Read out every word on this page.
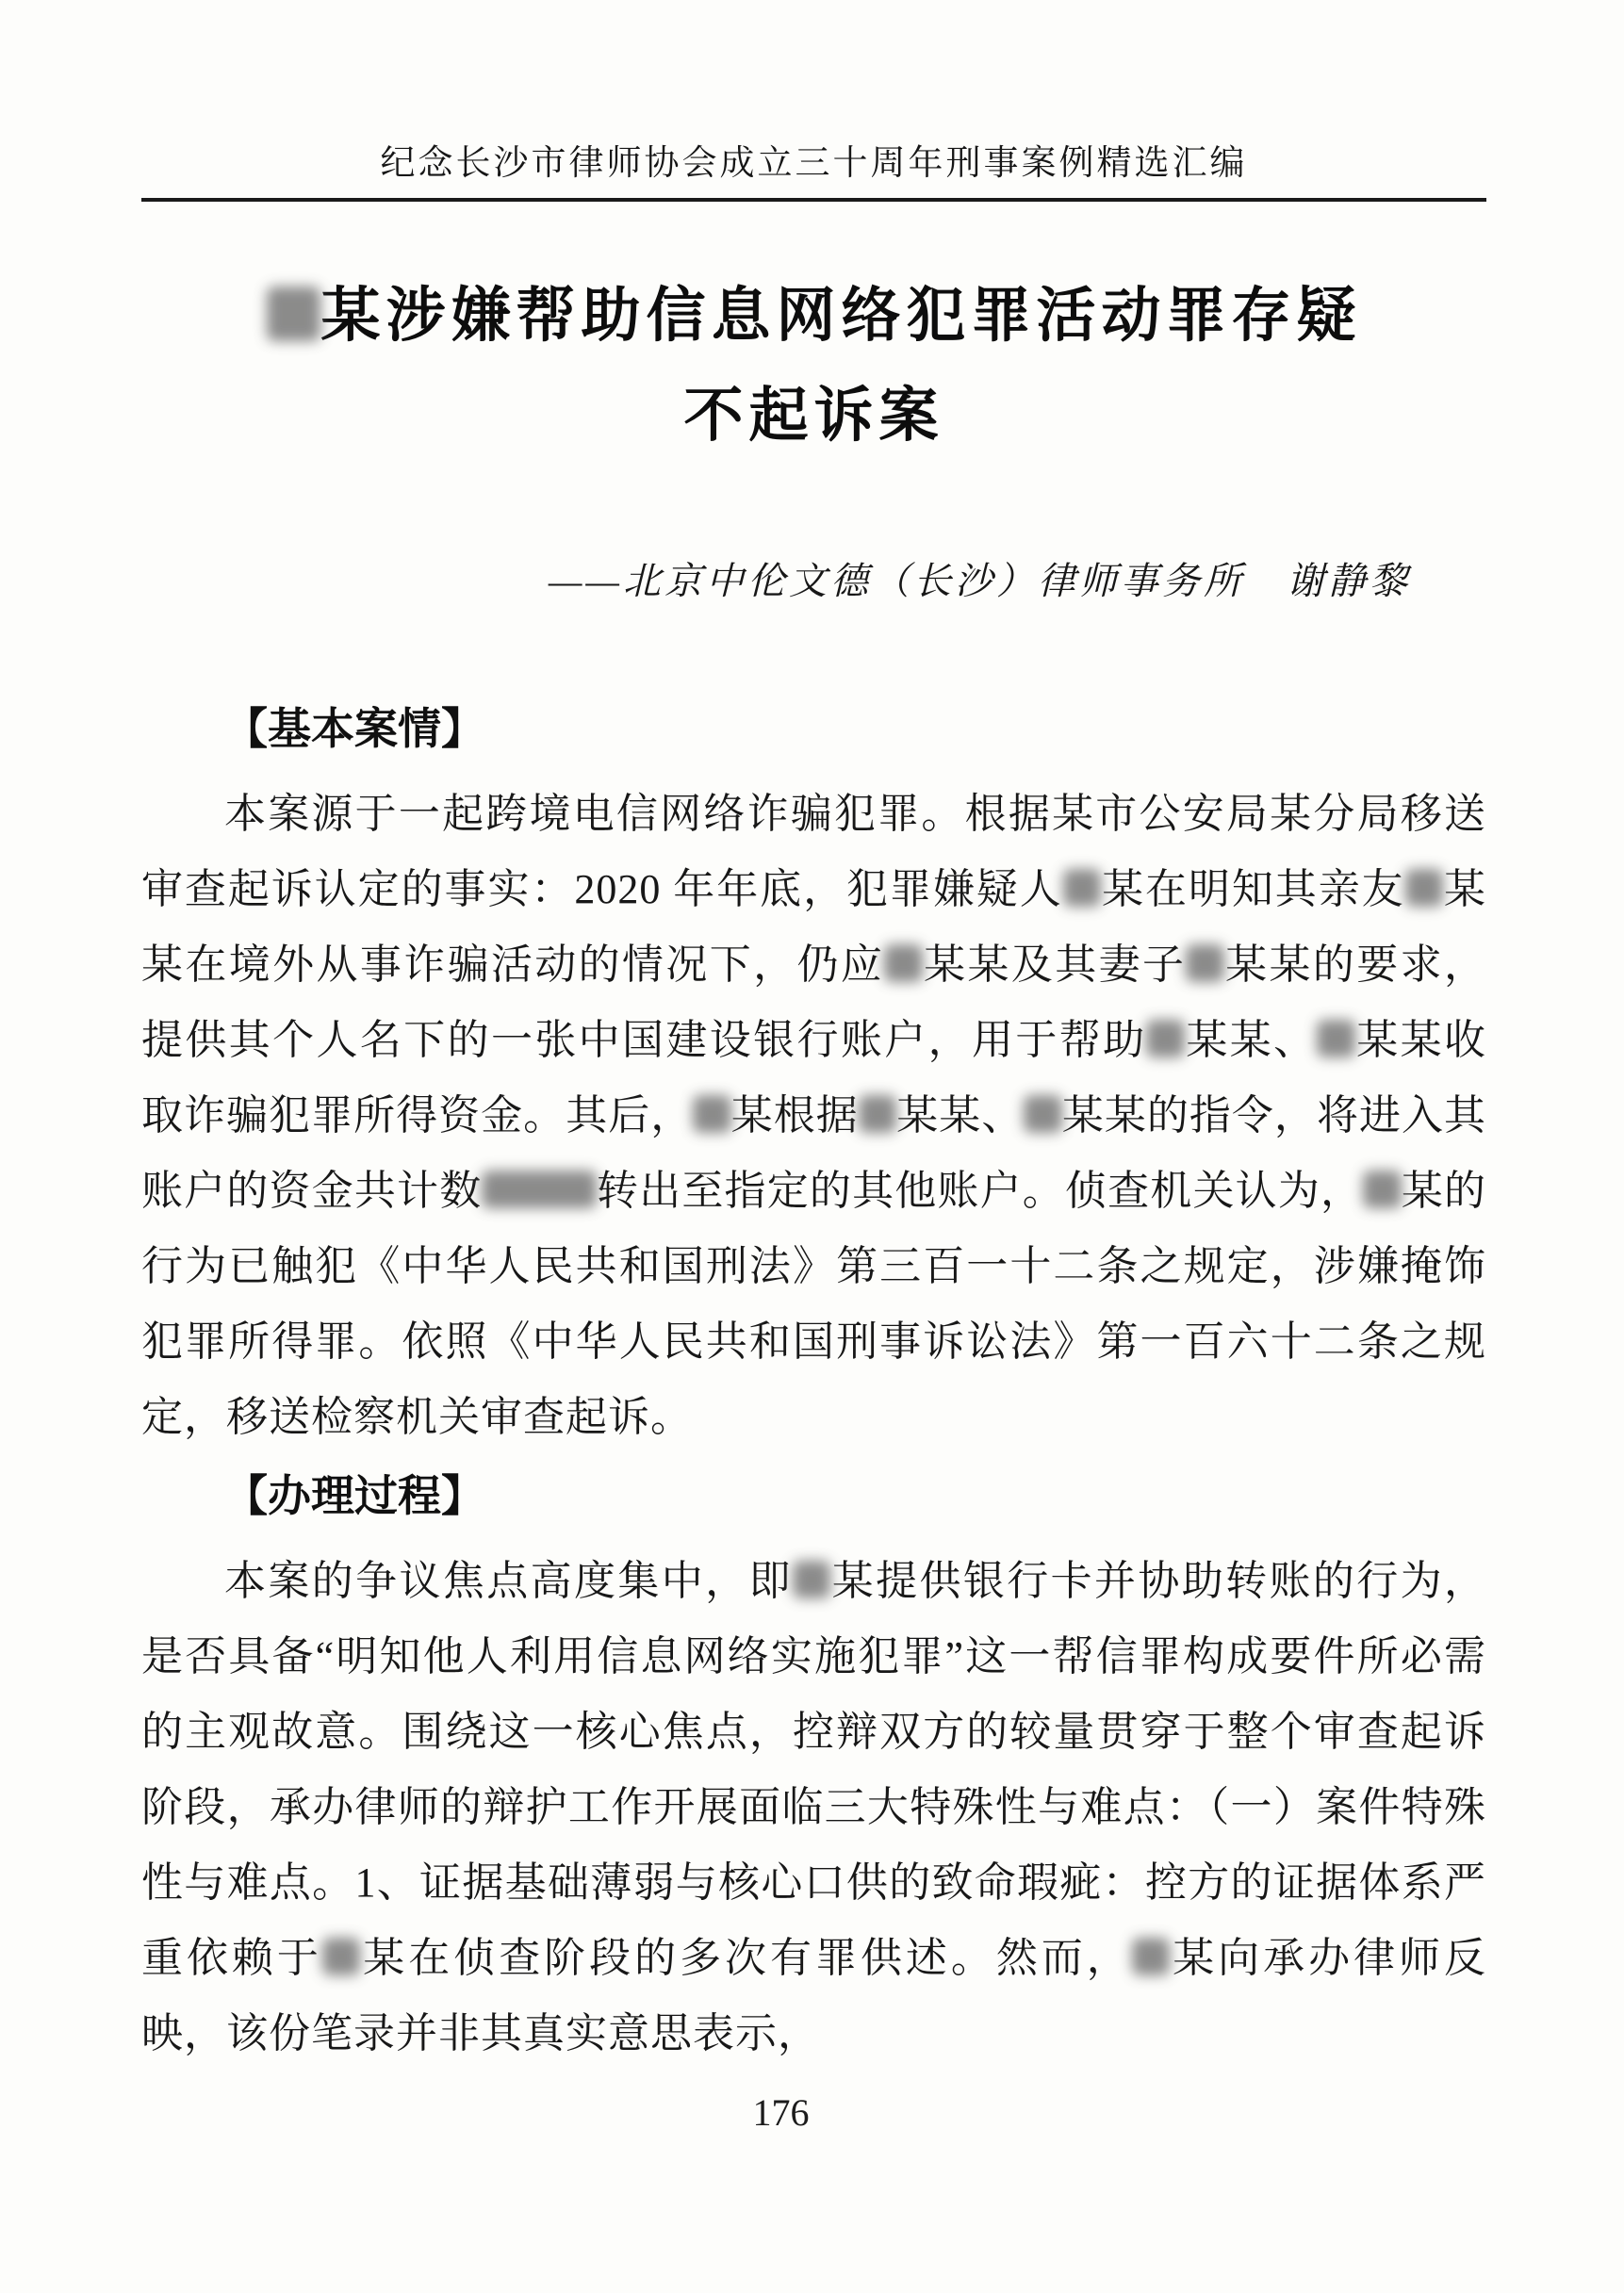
纪念长沙市律师协会成立三十周年刑事案例精选汇编
某涉嫌帮助信息网络犯罪活动罪存疑
不起诉案
——北京中伦文德（长沙）律师事务所　谢静黎
【基本案情】

本案源于一起跨境电信网络诈骗犯罪。根据某市公安局某分局移送审查起诉认定的事实：2020 年年底，犯罪嫌疑人 某在明知其亲友 某某在境外从事诈骗活动的情况下，仍应 某某及其妻子 某某的要求，提供其个人名下的一张中国建设银行账户，用于帮助 某某、 某某收取诈骗犯罪所得资金。其后， 某根据 某某、 某某的指令，将进入其账户的资金共计数	转出至指定的其他账户。侦查机关认为， 某的行为已触犯《中华人民共和国刑法》第三百一十二条之规定，涉嫌掩饰犯罪所得罪。依照《中华人民共和国刑事诉讼法》第一百六十二条之规定，移送检察机关审查起诉。

【办理过程】

本案的争议焦点高度集中，即 某提供银行卡并协助转账的行为，是否具备“明知他人利用信息网络实施犯罪”这一帮信罪构成要件所必需的主观故意。围绕这一核心焦点，控辩双方的较量贯穿于整个审查起诉阶段，承办律师的辩护工作开展面临三大特殊性与难点：（一）案件特殊性与难点。1、证据基础薄弱与核心口供的致命瑕疵：控方的证据体系严重依赖于 某在侦查阶段的多次有罪供述。然而， 某向承办律师反映，该份笔录并非其真实意思表示，

176
